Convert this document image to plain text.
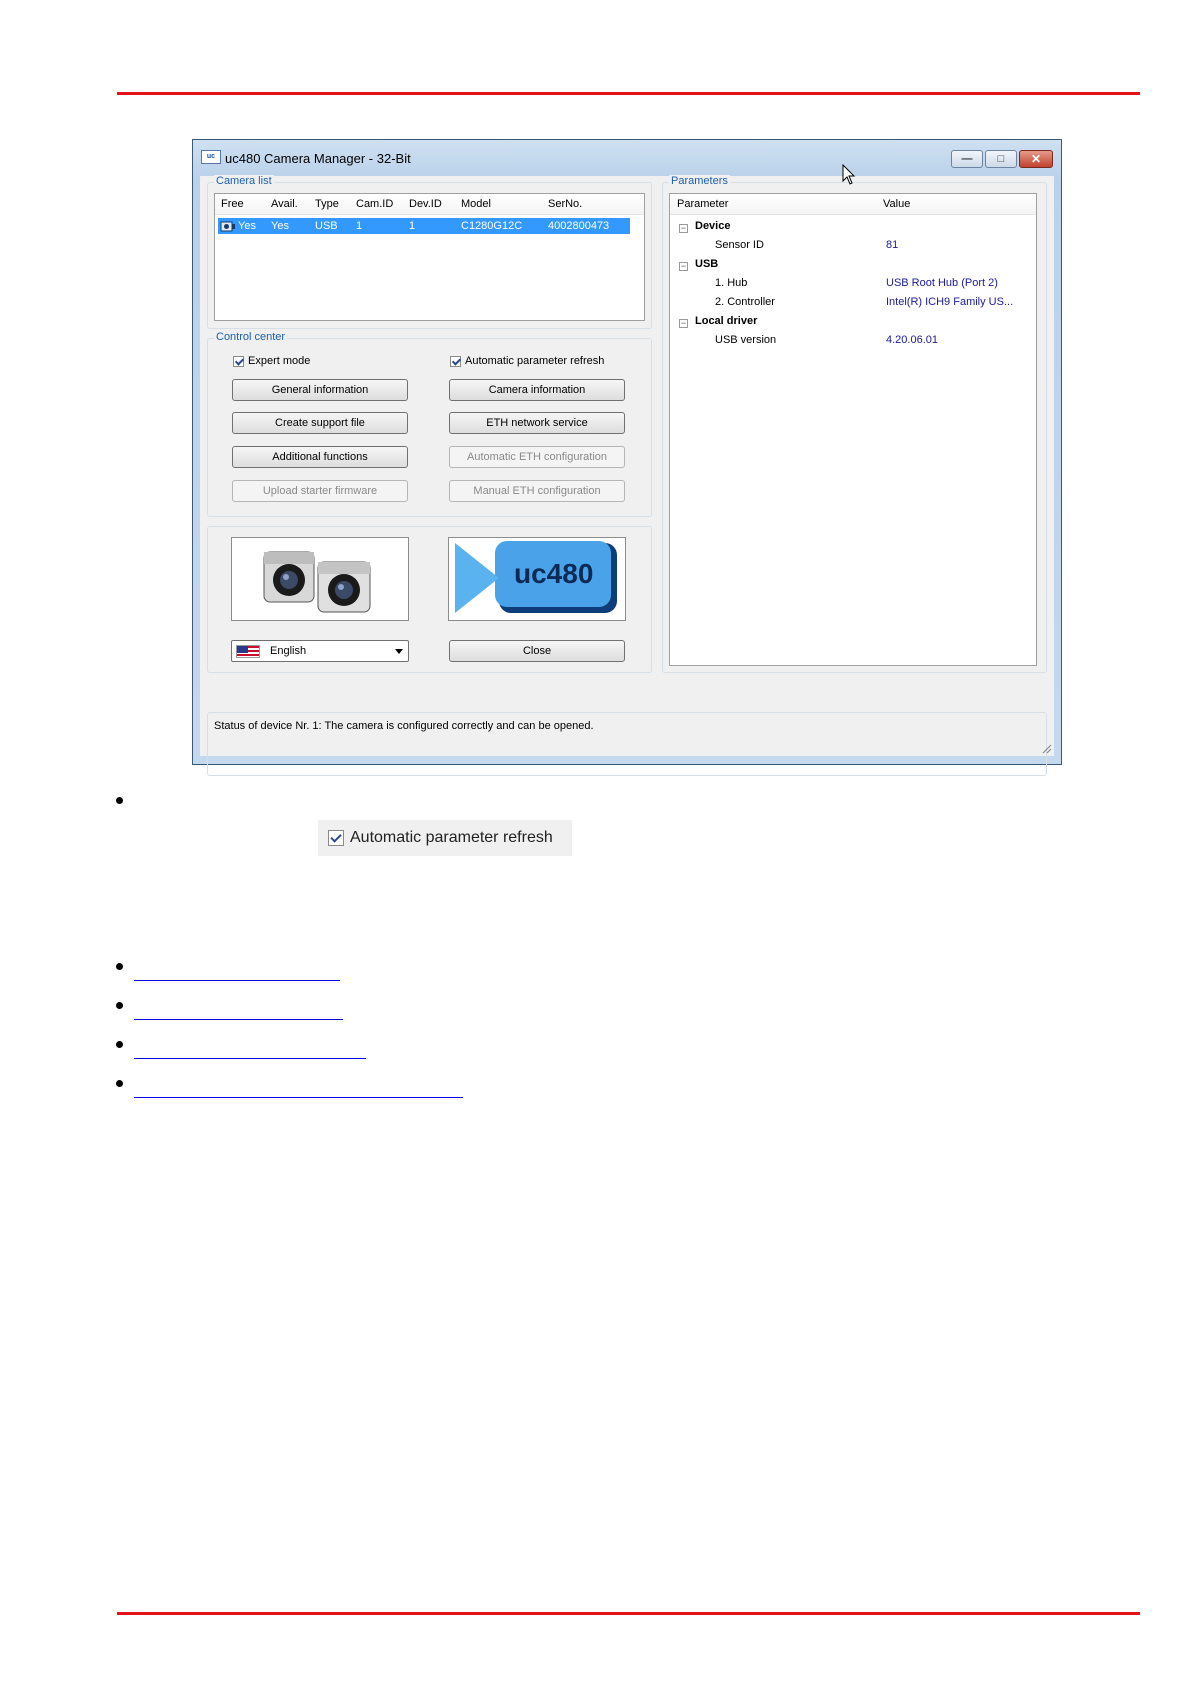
uc uc480 Camera Manager - 32-Bit	—	□	✕
Camera list
Free Avail. Type Cam.ID Dev.ID Model	SerNo.
Yes Yes USB 1	1	C1280G12C 4002800473
Control center
Expert mode	Automatic parameter refresh
General information	Camera information
Create support file	ETH network service
Additional functions	Automatic ETH configuration
Upload starter firmware	Manual ETH configuration
uc480
English	Close
Parameters
Parameter	Value
− Device
Sensor ID	81
− USB
1. Hub	USB Root Hub (Port 2)
2. Controller	Intel(R) ICH9 Family US...
− Local driver
USB version	4.20.06.01
Status of device Nr. 1: The camera is configured correctly and can be opened.
Automatic parameter refresh
